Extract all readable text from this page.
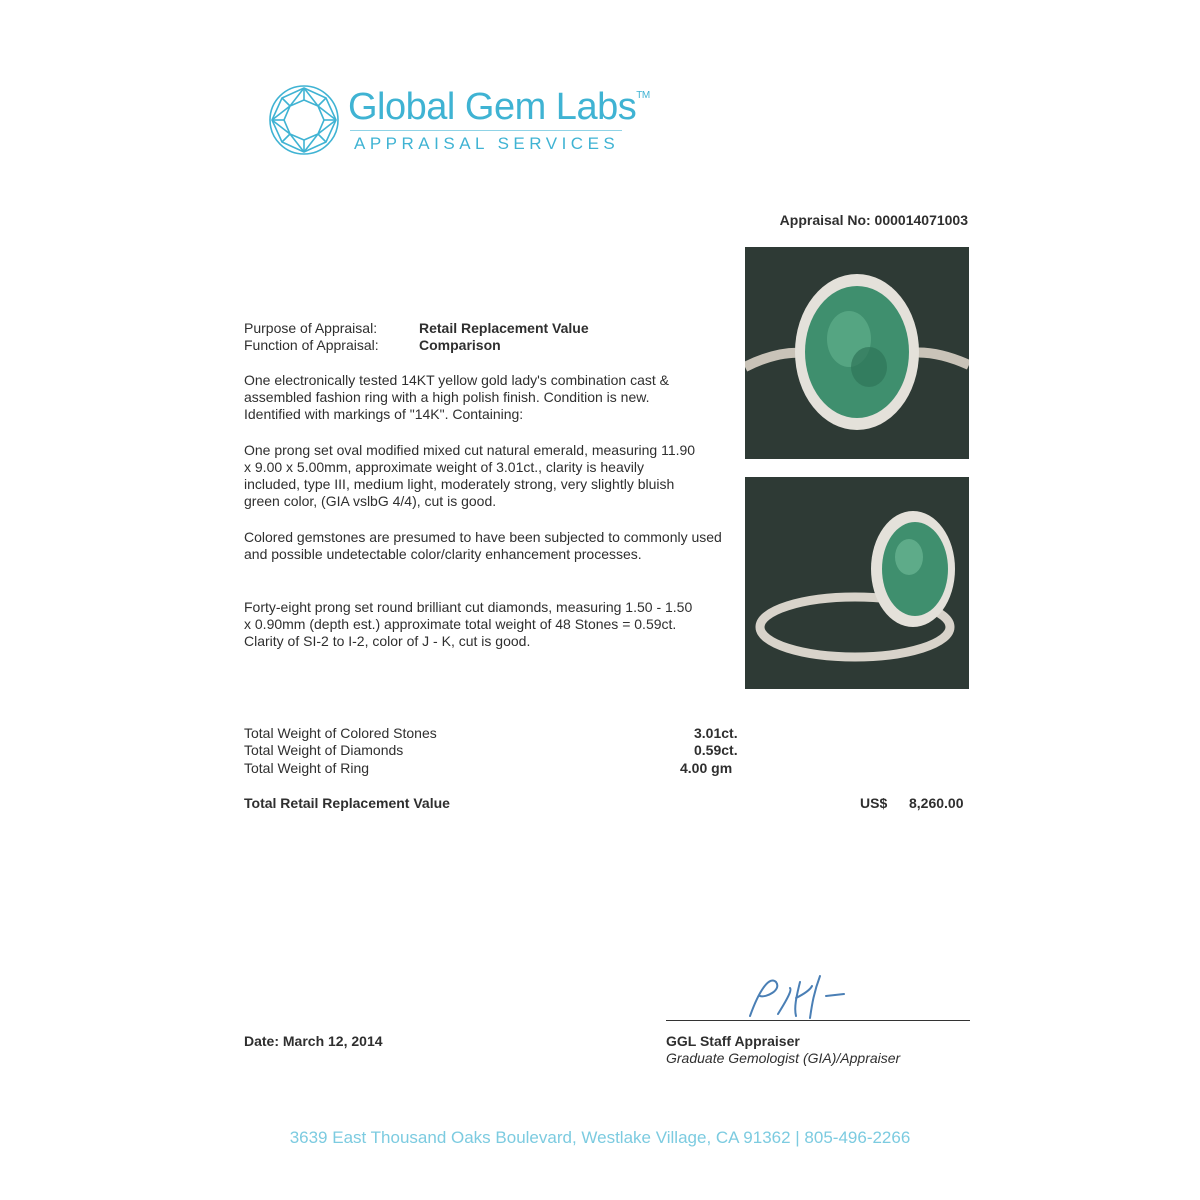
Global Gem Labs™
APPRAISAL SERVICES
Appraisal No: 000014071003
Purpose of Appraisal:	Retail Replacement Value
Function of Appraisal:	Comparison
One electronically tested 14KT yellow gold lady's combination cast & assembled fashion ring with a high polish finish. Condition is new. Identified with markings of "14K". Containing:
One prong set oval modified mixed cut natural emerald, measuring 11.90 x 9.00 x 5.00mm, approximate weight of 3.01ct., clarity is heavily included, type III, medium light, moderately strong, very slightly bluish green color, (GIA vslbG 4/4), cut is good.
Colored gemstones are presumed to have been subjected to commonly used and possible undetectable color/clarity enhancement processes.
Forty-eight prong set round brilliant cut diamonds, measuring 1.50 - 1.50 x 0.90mm (depth est.) approximate total weight of 48 Stones = 0.59ct. Clarity of SI-2 to I-2, color of J - K, cut is good.
Total Weight of Colored Stones	3.01ct.
Total Weight of Diamonds	0.59ct.
Total Weight of Ring	4.00 gm
Total Retail Replacement Value	US$ 8,260.00
Date: March 12, 2014	GGL Staff Appraiser
Graduate Gemologist (GIA)/Appraiser
3639 East Thousand Oaks Boulevard, Westlake Village, CA 91362 | 805-496-2266
